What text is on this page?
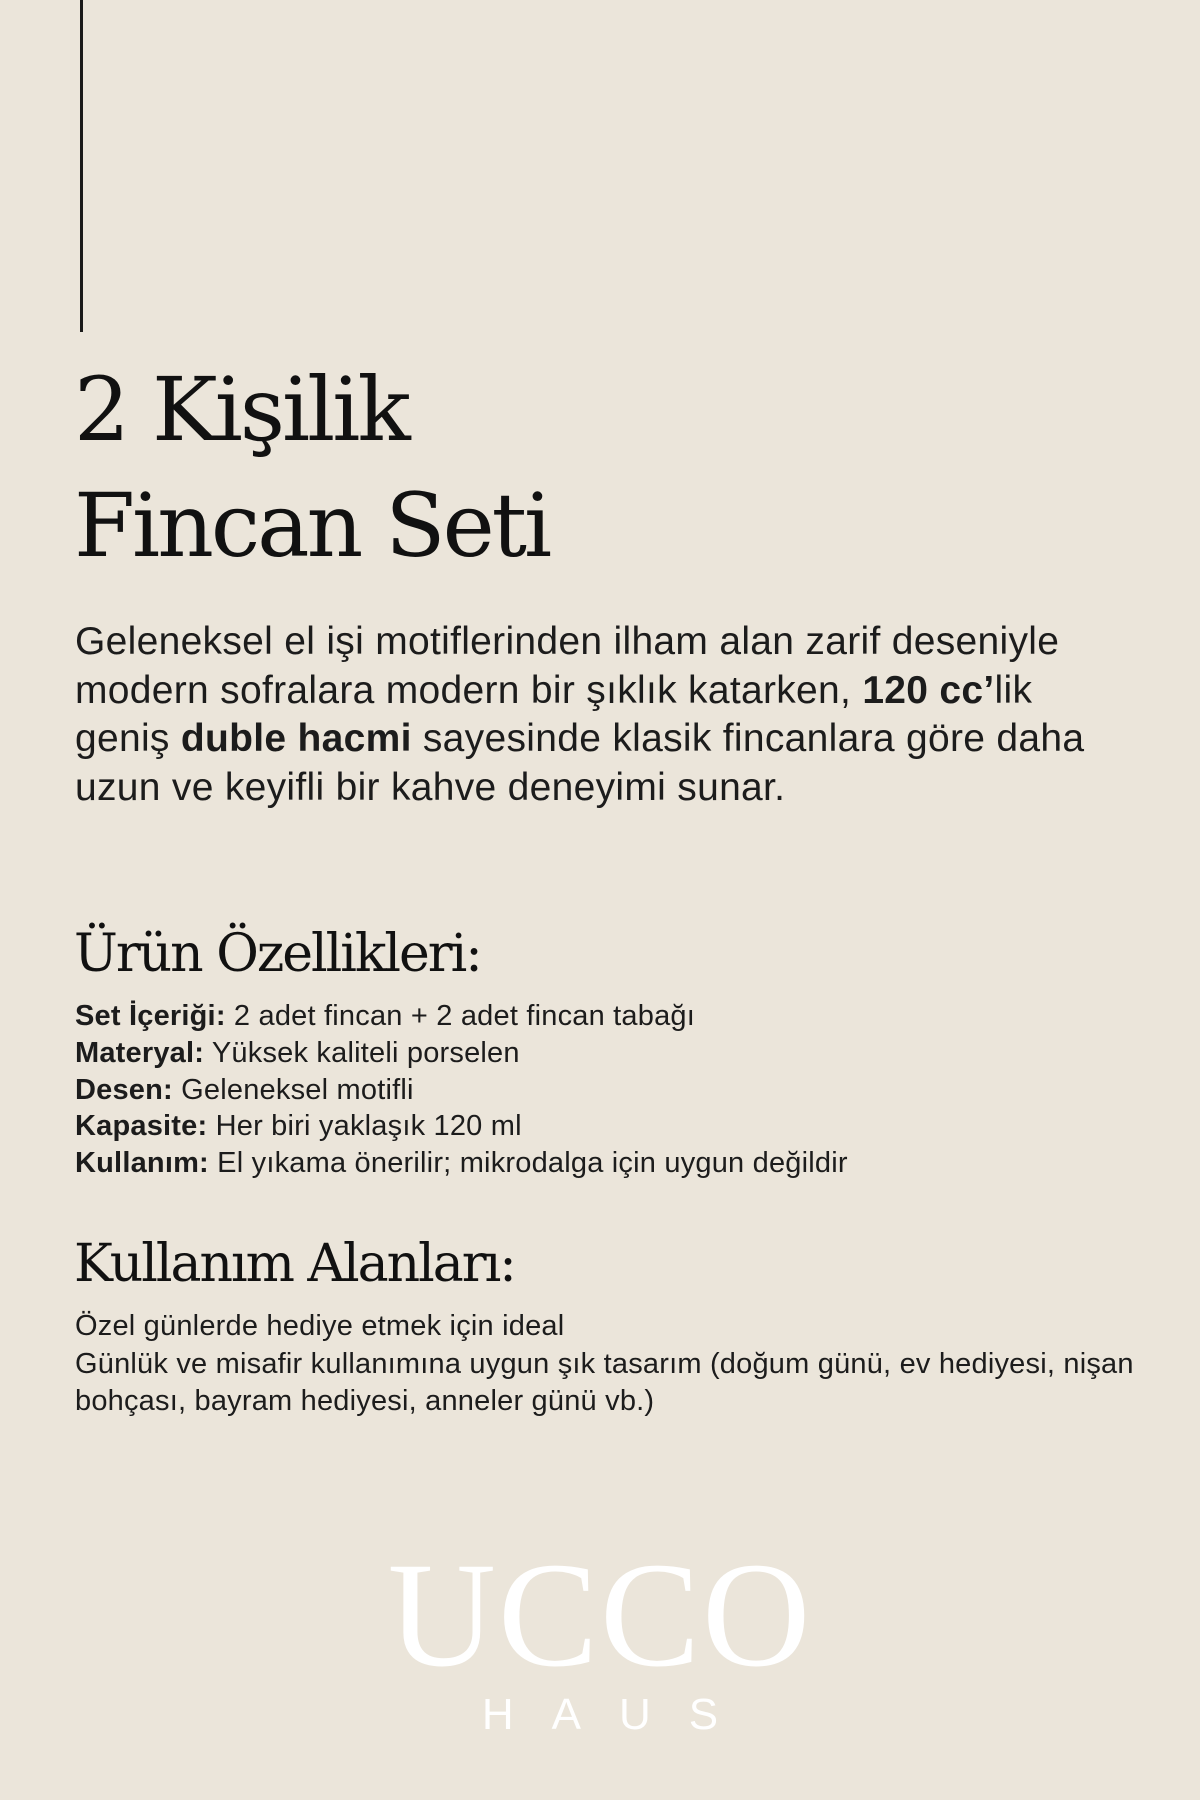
2 Kişilik
Fincan Seti

Geleneksel el işi motiflerinden ilham alan zarif deseniyle modern sofralara modern bir şıklık katarken, 120 cc’lik geniş duble hacmi sayesinde klasik fincanlara göre daha uzun ve keyifli bir kahve deneyimi sunar.

Ürün Özellikleri:
Set İçeriği: 2 adet fincan + 2 adet fincan tabağı
Materyal: Yüksek kaliteli porselen
Desen: Geleneksel motifli
Kapasite: Her biri yaklaşık 120 ml
Kullanım: El yıkama önerilir; mikrodalga için uygun değildir
Kullanım Alanları:
Özel günlerde hediye etmek için ideal
Günlük ve misafir kullanımına uygun şık tasarım (doğum günü, ev hediyesi, nişan bohçası, bayram hediyesi, anneler günü vb.)
UCCO
HAUS
